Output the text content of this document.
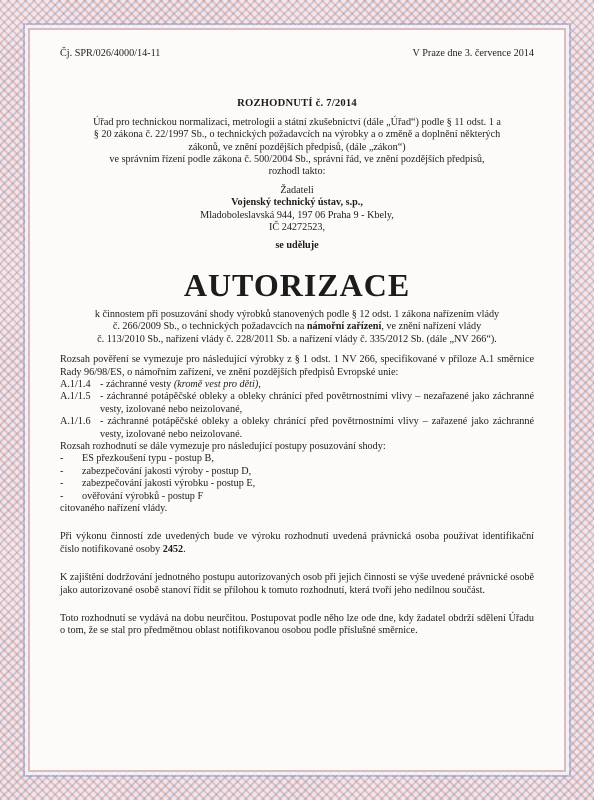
Čj. SPR/026/4000/14-11	V Praze dne 3. července 2014
ROZHODNUTÍ č. 7/2014
Úřad pro technickou normalizaci, metrologii a státní zkušebnictví (dále „Úřad“) podle § 11 odst. 1 a
§ 20 zákona č. 22/1997 Sb., o technických požadavcích na výrobky a o změně a doplnění některých
zákonů, ve znění pozdějších předpisů, (dále „zákon“)
ve správním řízení podle zákona č. 500/2004 Sb., správní řád, ve znění pozdějších předpisů,
rozhodl takto:
Žadateli
Vojenský technický ústav, s.p.,
Mladoboleslavská 944, 197 06 Praha 9 - Kbely,
IČ 24272523,
se uděluje
AUTORIZACE
k činnostem při posuzování shody výrobků stanovených podle § 12 odst. 1 zákona nařízením vlády
č. 266/2009 Sb., o technických požadavcích na námořní zařízení, ve znění nařízení vlády
č. 113/2010 Sb., nařízení vlády č. 228/2011 Sb. a nařízení vlády č. 335/2012 Sb. (dále „NV 266“).
Rozsah pověření se vymezuje pro následující výrobky z § 1 odst. 1 NV 266, specifikované v příloze A.1 směrnice Rady 96/98/ES, o námořním zařízení, ve znění pozdějších předpisů Evropské unie:
A.1/1.4 - záchranné vesty (kromě vest pro děti),
A.1/1.5 - záchranné potápěčské obleky a obleky chránící před povětrnostními vlivy – nezařazené jako záchranné vesty, izolované nebo neizolované,
A.1/1.6 - záchranné potápěčské obleky a obleky chránící před povětrnostními vlivy – zařazené jako záchranné vesty, izolované nebo neizolované.
Rozsah rozhodnutí se dále vymezuje pro následující postupy posuzování shody:
-	ES přezkoušení typu - postup B,
-	zabezpečování jakosti výroby - postup D,
-	zabezpečování jakosti výrobku - postup E,
-	ověřování výrobků - postup F
citovaného nařízení vlády.
Při výkonu činností zde uvedených bude ve výroku rozhodnutí uvedená právnická osoba používat identifikační číslo notifikované osoby 2452.
K zajištění dodržování jednotného postupu autorizovaných osob při jejich činnosti se výše uvedené právnické osobě jako autorizované osobě stanoví řídit se přílohou k tomuto rozhodnutí, která tvoří jeho nedílnou součást.
Toto rozhodnutí se vydává na dobu neurčitou. Postupovat podle něho lze ode dne, kdy žadatel obdrží sdělení Úřadu o tom, že se stal pro předmětnou oblast notifikovanou osobou podle příslušné směrnice.
